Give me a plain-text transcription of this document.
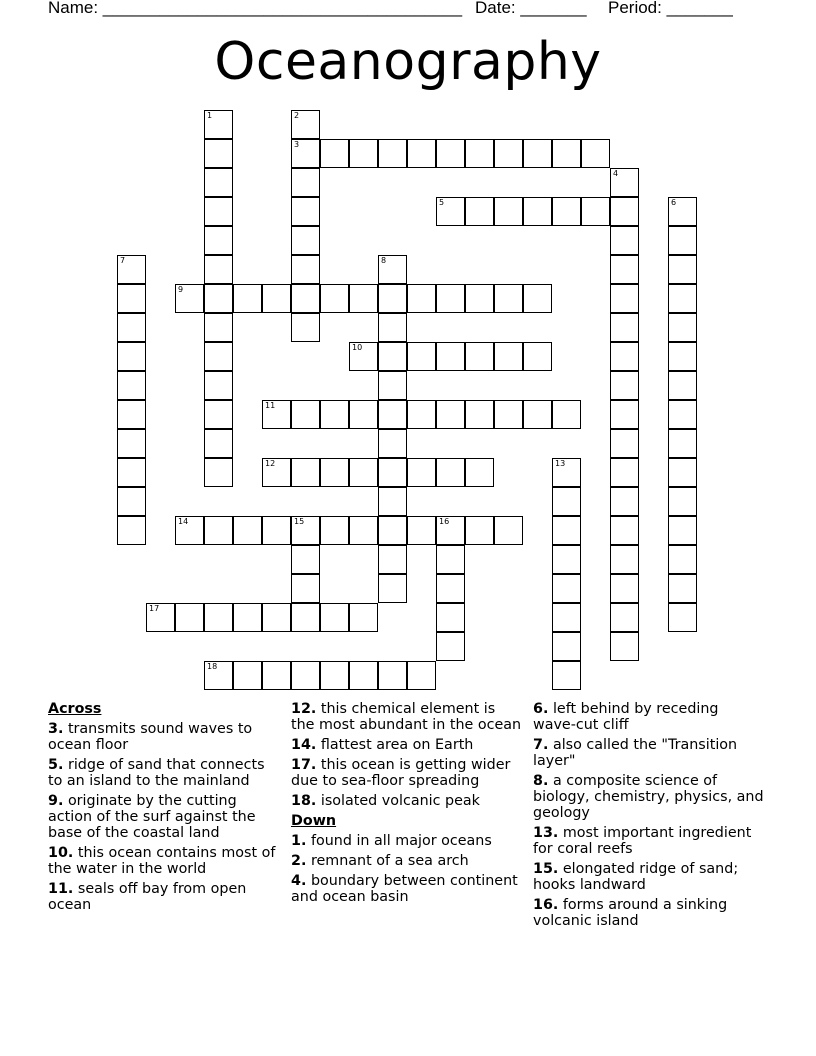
Name: ______________________________________ Date: _______ Period: _______
Oceanography
1	2
3
4
5	6
7	8
9
10
11
12	13
14	15	16
17
18
Across
3. transmits sound waves to ocean floor
5. ridge of sand that connects to an island to the mainland
9. originate by the cutting action of the surf against the base of the coastal land
10. this ocean contains most of the water in the world
11. seals off bay from open ocean
12. this chemical element is the most abundant in the ocean
14. flattest area on Earth
17. this ocean is getting wider due to sea-floor spreading
18. isolated volcanic peak
Down
1. found in all major oceans
2. remnant of a sea arch
4. boundary between continent and ocean basin
6. left behind by receding wave-cut cliff
7. also called the "Transition layer"
8. a composite science of biology, chemistry, physics, and geology
13. most important ingredient for coral reefs
15. elongated ridge of sand; hooks landward
16. forms around a sinking volcanic island
